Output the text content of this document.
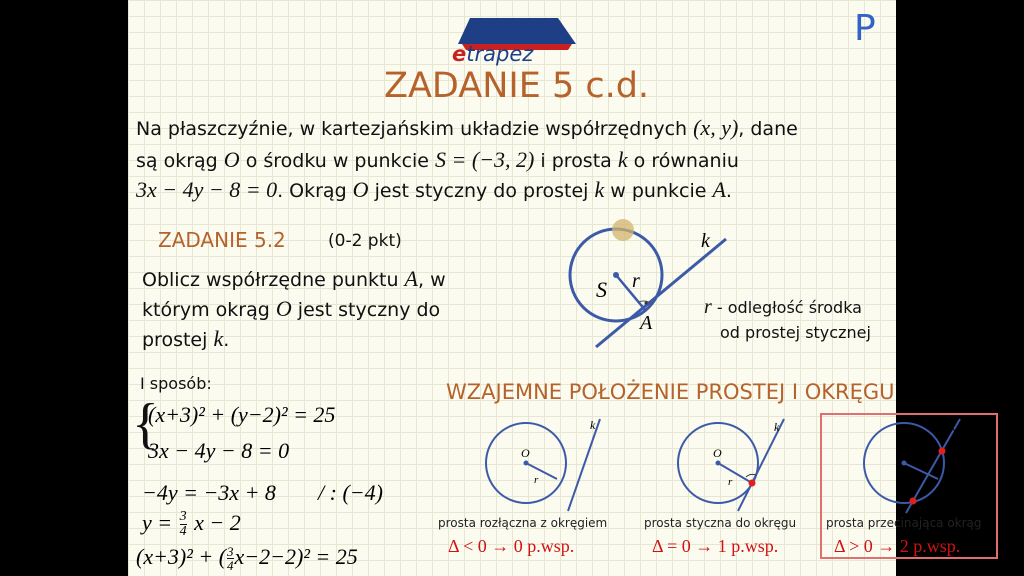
etrapez
P
ZADANIE 5 c.d.
Na płaszczyźnie, w kartezjańskim układzie współrzędnych (x, y), dane
są okrąg O o środku w punkcie S = (−3, 2) i prosta k o równaniu
3x − 4y − 8 = 0. Okrąg O jest styczny do prostej k w punkcie A.
ZADANIE 5.2 (0-2 pkt)
Oblicz współrzędne punktu A, w
którym okrąg O jest styczny do
prostej k.
S r
A
k
r - odległość środka
od prostej stycznej
I sposób:
{
(x+3)² + (y−2)² = 25
3x − 4y − 8 = 0
−4y = −3x + 8 / : (−4)
$y = \frac{3}{4}$ x − 2
(x+3)² + ( $\frac{3}{4} x-2-2)^2 = 25$
WZAJEMNE POŁOŻENIE PROSTEJ I OKRĘGU
O
r
k
prosta rozłączna z okręgiem
Δ < 0 → 0 p.wsp.
O
r
k
prosta styczna do okręgu
Δ = 0 → 1 p.wsp.
O
r
k
prosta przecinająca okrąg
Δ > 0 → 2 p.wsp.
